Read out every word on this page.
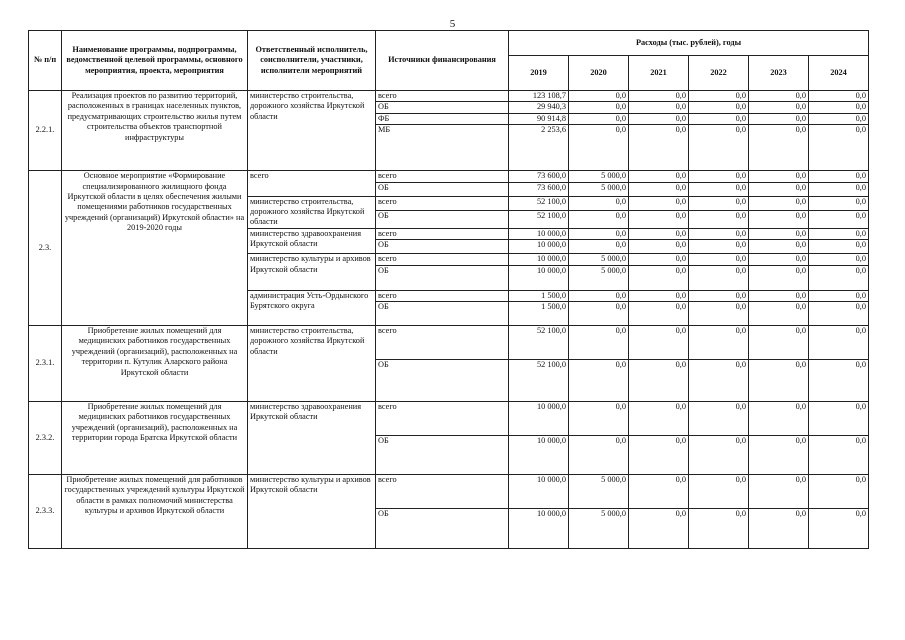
5
№ п/п	Наименование программы, подпрограммы, ведомственной целевой программы, основного мероприятия, проекта, мероприятия	Ответственный исполнитель, соисполнители, участники, исполнители мероприятий	Источники финансирования	Расходы (тыс. рублей), годы					
				2019	2020	2021	2022	2023	2024
2.2.1.	Реализация проектов по развитию территорий, расположенных в границах населенных пунктов, предусматривающих строительство жилья путем строительства объектов транспортной инфраструктуры	министерство строительства, дорожного хозяйства Иркутской области	всего	123 108,7	0,0	0,0	0,0	0,0	0,0
			ОБ	29 940,3	0,0	0,0	0,0	0,0	0,0
			ФБ	90 914,8	0,0	0,0	0,0	0,0	0,0
			МБ	2 253,6	0,0	0,0	0,0	0,0	0,0
2.3.	Основное мероприятие «Формирование специализированного жилищного фонда Иркутской области в целях обеспечения жилыми помещениями работников государственных учреждений (организаций) Иркутской области» на 2019-2020 годы	всего	всего	73 600,0	5 000,0	0,0	0,0	0,0	0,0
			ОБ	73 600,0	5 000,0	0,0	0,0	0,0	0,0
		министерство строительства, дорожного хозяйства Иркутской области	всего	52 100,0	0,0	0,0	0,0	0,0	0,0
			ОБ	52 100,0	0,0	0,0	0,0	0,0	0,0
		министерство здравоохранения Иркутской области	всего	10 000,0	0,0	0,0	0,0	0,0	0,0
			ОБ	10 000,0	0,0	0,0	0,0	0,0	0,0
		министерство культуры и архивов Иркутской области	всего	10 000,0	5 000,0	0,0	0,0	0,0	0,0
			ОБ	10 000,0	5 000,0	0,0	0,0	0,0	0,0
		администрация Усть-Ордынского Бурятского округа	всего	1 500,0	0,0	0,0	0,0	0,0	0,0
			ОБ	1 500,0	0,0	0,0	0,0	0,0	0,0
2.3.1.	Приобретение жилых помещений для медицинских работников государственных учреждений (организаций), расположенных на территории п. Кутулик Аларского района Иркутской области	министерство строительства, дорожного хозяйства Иркутской области	всего	52 100,0	0,0	0,0	0,0	0,0	0,0
			ОБ	52 100,0	0,0	0,0	0,0	0,0	0,0
2.3.2.	Приобретение жилых помещений для медицинских работников государственных учреждений (организаций), расположенных на территории города Братска Иркутской области	министерство здравоохранения Иркутской области	всего	10 000,0	0,0	0,0	0,0	0,0	0,0
			ОБ	10 000,0	0,0	0,0	0,0	0,0	0,0
2.3.3.	Приобретение жилых помещений для работников государственных учреждений культуры Иркутской области в рамках полномочий министерства культуры и архивов Иркутской области	министерство культуры и архивов Иркутской области	всего	10 000,0	5 000,0	0,0	0,0	0,0	0,0
			ОБ	10 000,0	5 000,0	0,0	0,0	0,0	0,0
